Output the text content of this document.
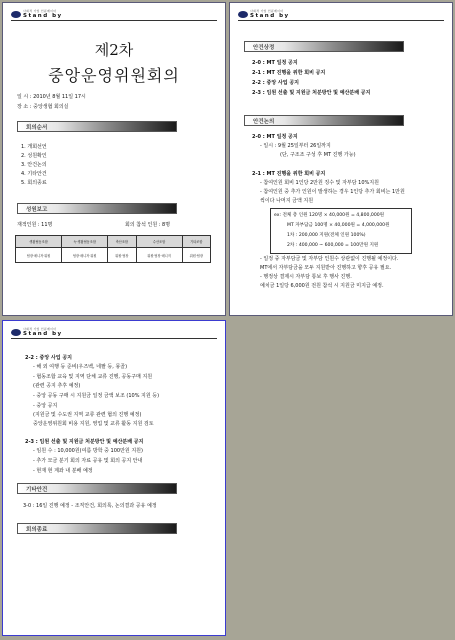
사회적 기업 인큐베이터
Stand by
제2차
중앙운영위원회의
일 시 : 2010년 8월 11일 17시
장 소 : 중앙생협 회의실
회의순서
1. 개회선언
2. 성원확인
3. 안건논의
4. 기타안건
5. 회의종료
성원보고
재적인원 : 11명	회의 참석 인원 : 8명
생활협동조합	녹·생활협동조합	축산조합	수산조합	기타조합
팀장·매니저·위원	팀장·매니저·위원	위원·팀장	위원·팀장·매니저	위원·팀장
사회적 기업 인큐베이터
Stand by
안건상정
2-0 : MT 일정 공지
2-1 : MT 진행을 위한 회비 공지
2-2 : 중앙 사업 공지
2-3 : 임원 선출 및 지원금 처분방안 및 예산분배 공지
안건논의
2-0 : MT 일정 공지
- 일시 : 9월 25일부터 26일까지
(단, 구조조 구성 후 MT 진행 가능)
2-1 : MT 진행을 위한 회비 공지
- 참여인원 회비 1인당 2만원 징수 및 자부담 10%지원
- 참여인원 중 추가 인원이 발생하는 경우 1인당 추가 회비는 1만원
씩이다 나머지 금액 지원
ex: 전체 총 인원 120명 × 40,000원 = 4,800,000원
MT 자부담금 100명 × 40,000원 = 4,000,000원
1차 : 200,000 지원(전체 인원 100%)
2차 : 400,000 ~ 600,000 = 100만원 지원
- 일정 중 자부담금 및 자부담 인원수 상관없이 진행될 예정이다.
MT에서 자부담금을 모두 지원받아 진행하고 향후 공유 필요.
- 행정상 결제시 자부담 통보 후 행사 진행.
예치금 1일당 6,000원 전원 참석 시 지원금 미지급 예정.
사회적 기업 인큐베이터
Stand by
2-2 : 중앙 사업 공지
- 해 외 여행 등 준비(우즈벡, 네팔 등, 몽골)
- 협동조합 교육 및 지역 단체 교류 진행, 공동구매 지원
(관련 공지 추후 예정)
- 중앙 공동 구매 시 지원금 일정 금액 보조 (10% 지원 등)
- 중앙 공지
(지원금 및 수도권 지역 교류 관련 협의 진행 예정)
중앙운영위원회 비용 지원, 영업 및 교류 활동 지원 검토
2-3 : 임원 선출 및 지원금 처분방안 및 예산분배 공지
- 임원 수 : 10,000원(여름 방학 중 100만원 지원)
- 추가 모금 분기 회의 자료 공유 및 회의 공지 안내
- 현재 현 계좌 내 분배 예정
기타안건
3-0 : 16일 진행 예정 - 조직안건, 회의록, 논의결과 공유 예정
회의종료
